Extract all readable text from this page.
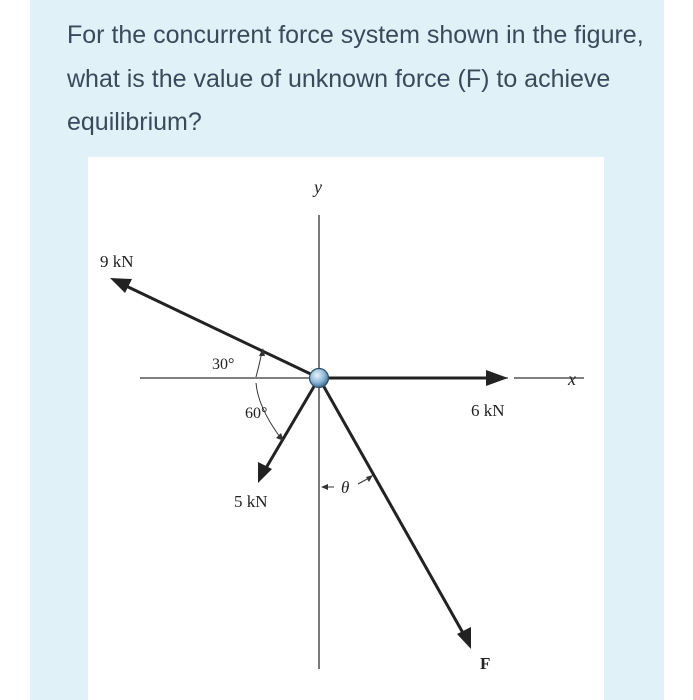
For the concurrent force system shown in the figure, what is the value of unknown force (F) to achieve equilibrium?

y
x
9 kN
6 kN
5 kN
F
30°
60°
θ
